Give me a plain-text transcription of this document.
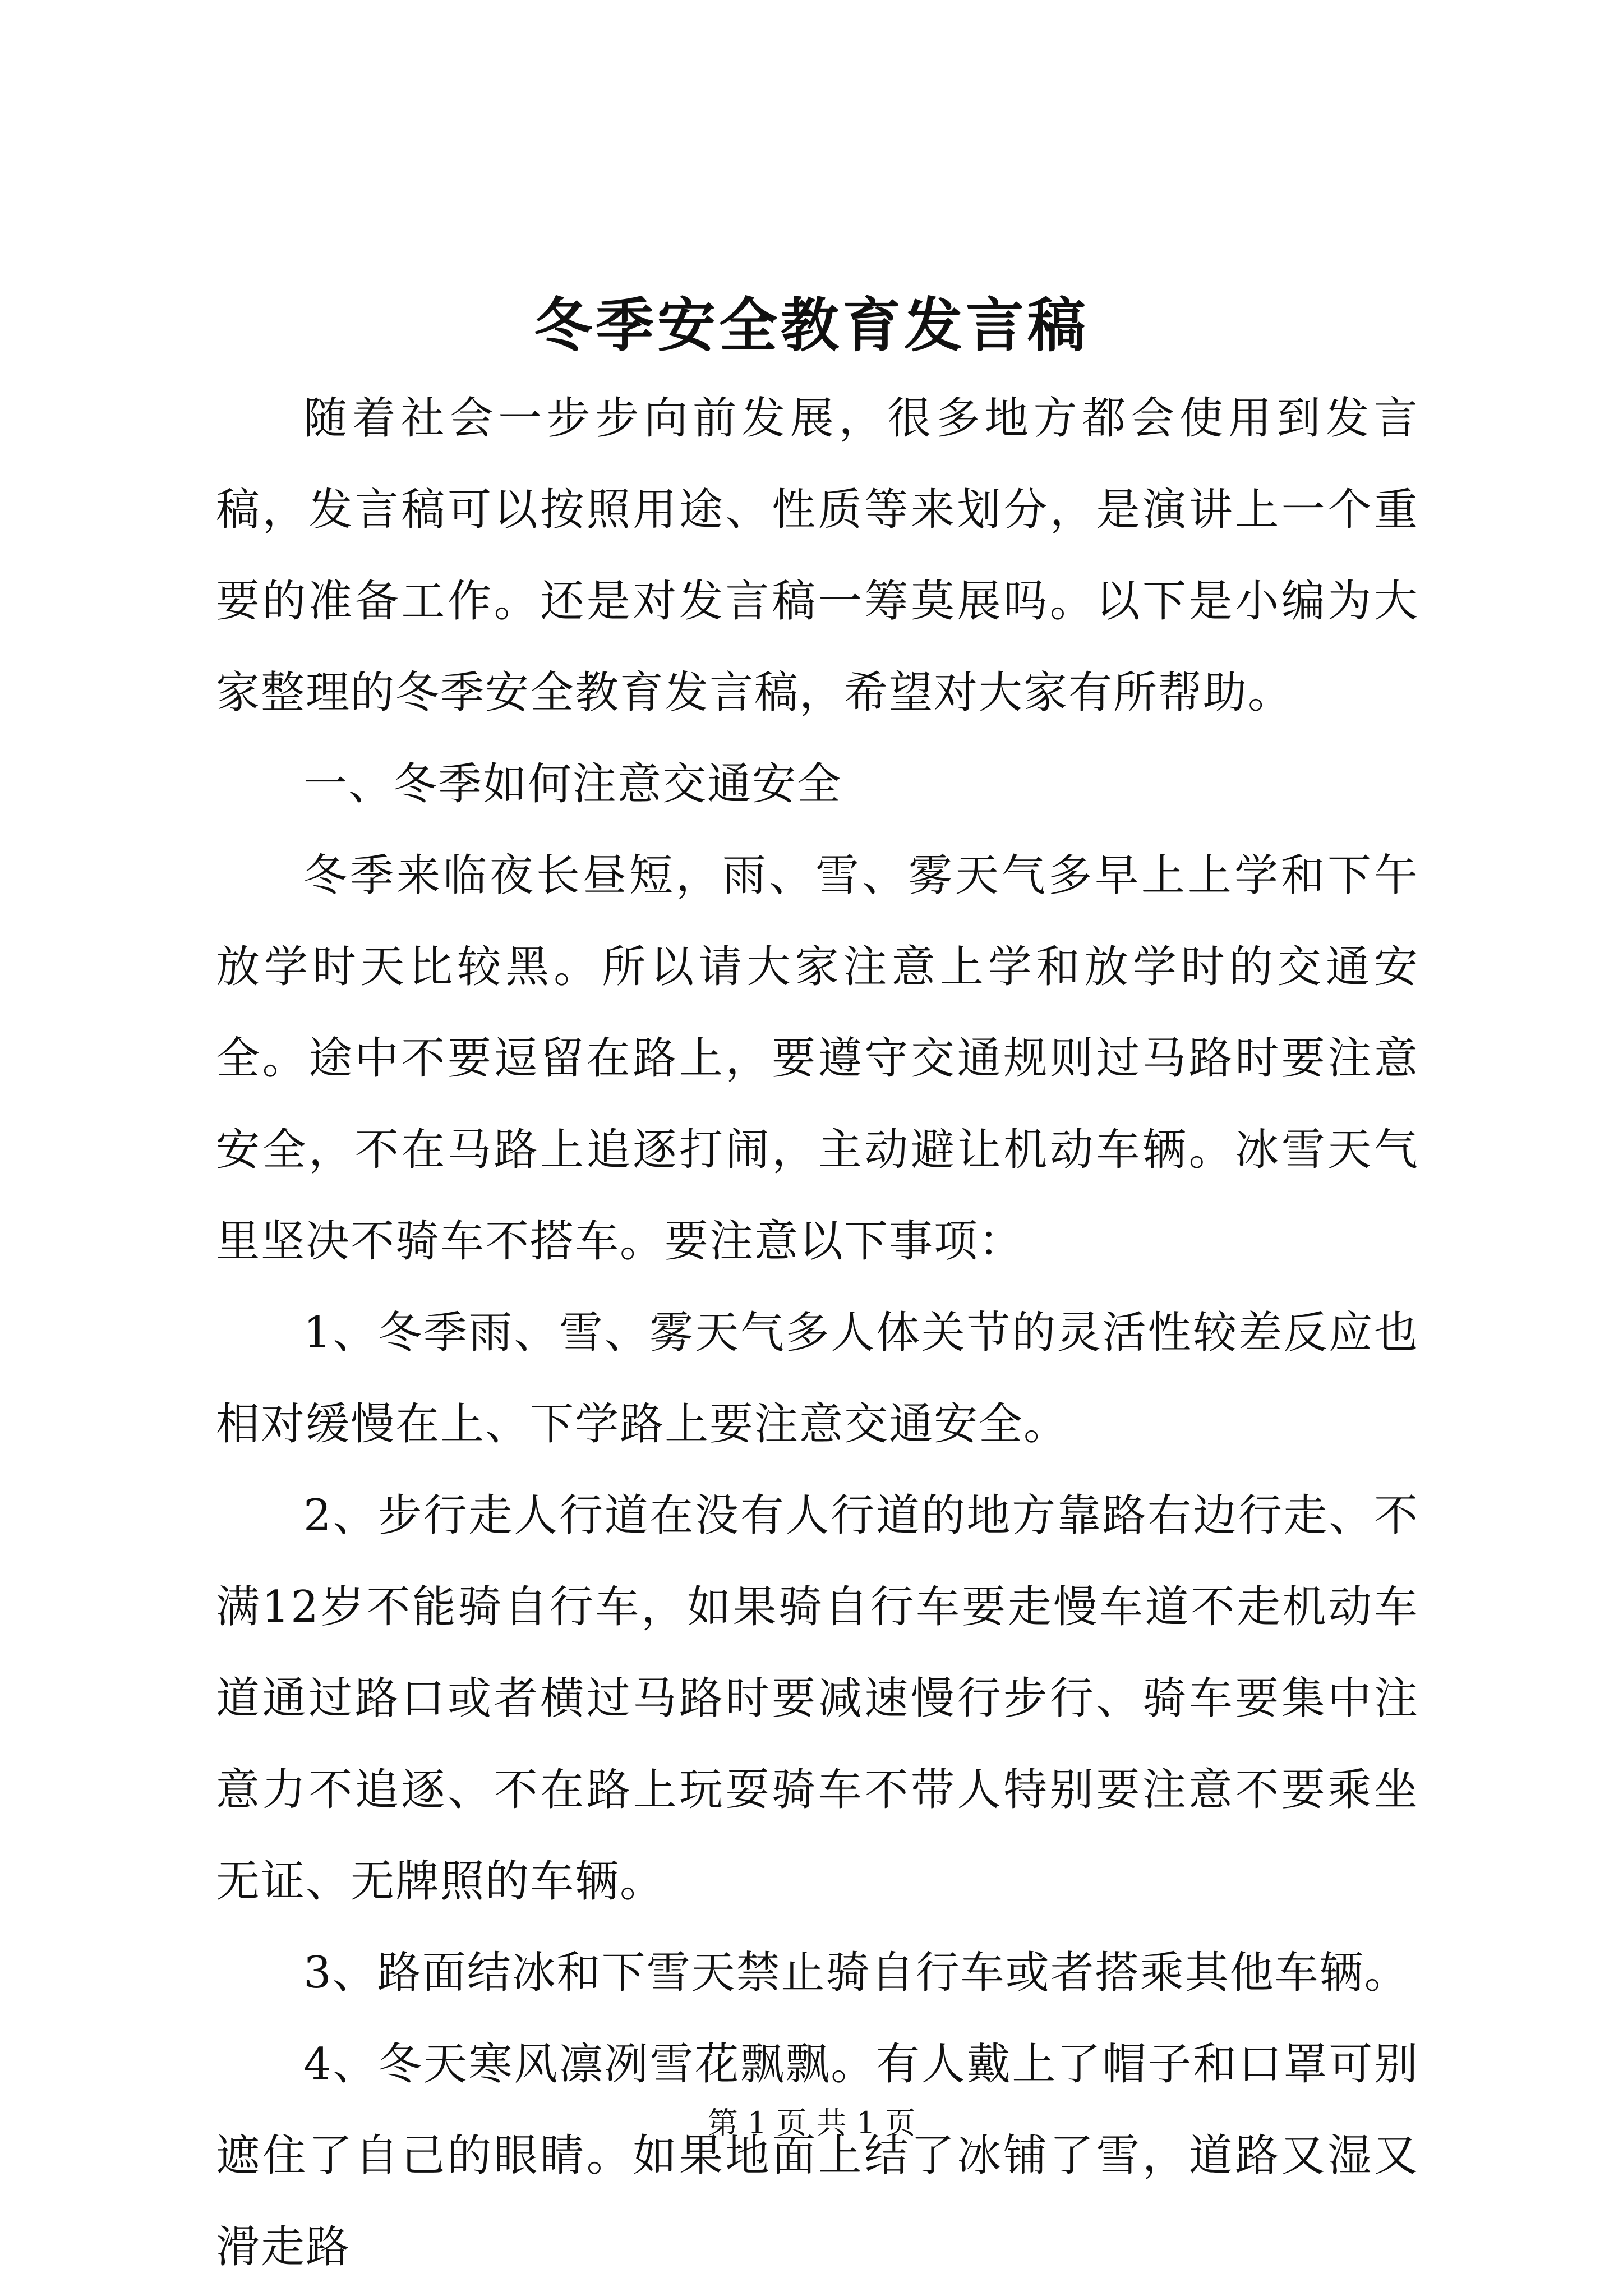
冬季安全教育发言稿

随着社会一步步向前发展，很多地方都会使用到发言稿，发言稿可以按照用途、性质等来划分，是演讲上一个重要的准备工作。还是对发言稿一筹莫展吗。以下是小编为大家整理的冬季安全教育发言稿，希望对大家有所帮助。

一、冬季如何注意交通安全

冬季来临夜长昼短，雨、雪、雾天气多早上上学和下午放学时天比较黑。所以请大家注意上学和放学时的交通安全。途中不要逗留在路上，要遵守交通规则过马路时要注意安全，不在马路上追逐打闹，主动避让机动车辆。冰雪天气里坚决不骑车不搭车。要注意以下事项：

1、冬季雨、雪、雾天气多人体关节的灵活性较差反应也相对缓慢在上、下学路上要注意交通安全。

2、步行走人行道在没有人行道的地方靠路右边行走、不满12岁不能骑自行车，如果骑自行车要走慢车道不走机动车道通过路口或者横过马路时要减速慢行步行、骑车要集中注意力不追逐、不在路上玩耍骑车不带人特别要注意不要乘坐无证、无牌照的车辆。

3、路面结冰和下雪天禁止骑自行车或者搭乘其他车辆。

4、冬天寒风凛冽雪花飘飘。有人戴上了帽子和口罩可别遮住了自己的眼睛。如果地面上结了冰铺了雪，道路又湿又滑走路

第 1 页 共 1 页
